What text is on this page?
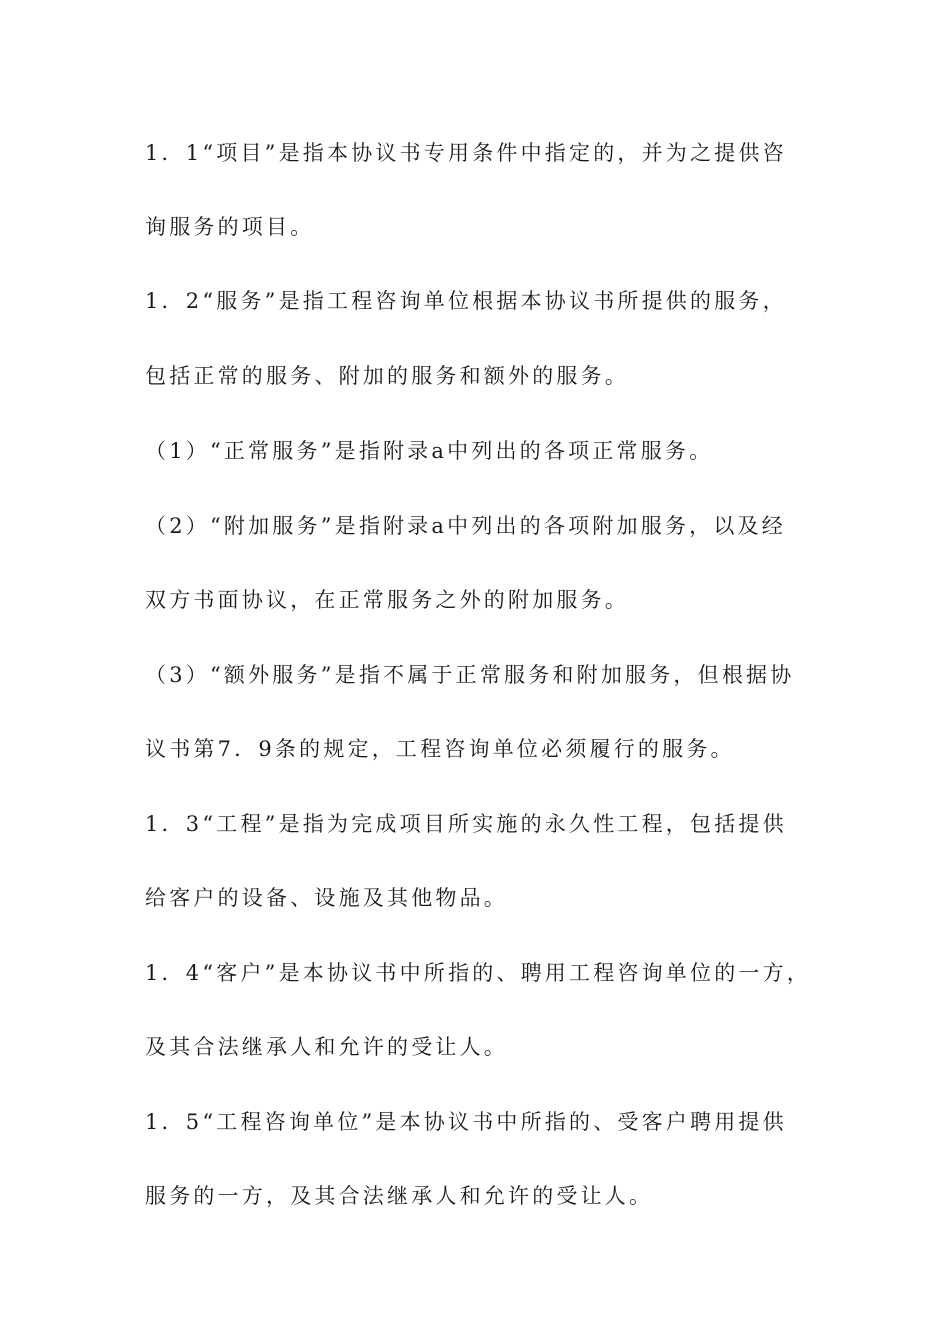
1．1“项目”是指本协议书专用条件中指定的，并为之提供咨
询服务的项目。
1．2“服务”是指工程咨询单位根据本协议书所提供的服务，
包括正常的服务、附加的服务和额外的服务。
（1）“正常服务”是指附录a中列出的各项正常服务。
（2）“附加服务”是指附录a中列出的各项附加服务，以及经
双方书面协议，在正常服务之外的附加服务。
（3）“额外服务”是指不属于正常服务和附加服务，但根据协
议书第7．9条的规定，工程咨询单位必须履行的服务。
1．3“工程”是指为完成项目所实施的永久性工程，包括提供
给客户的设备、设施及其他物品。
1．4“客户”是本协议书中所指的、聘用工程咨询单位的一方，
及其合法继承人和允许的受让人。
1．5“工程咨询单位”是本协议书中所指的、受客户聘用提供
服务的一方，及其合法继承人和允许的受让人。
